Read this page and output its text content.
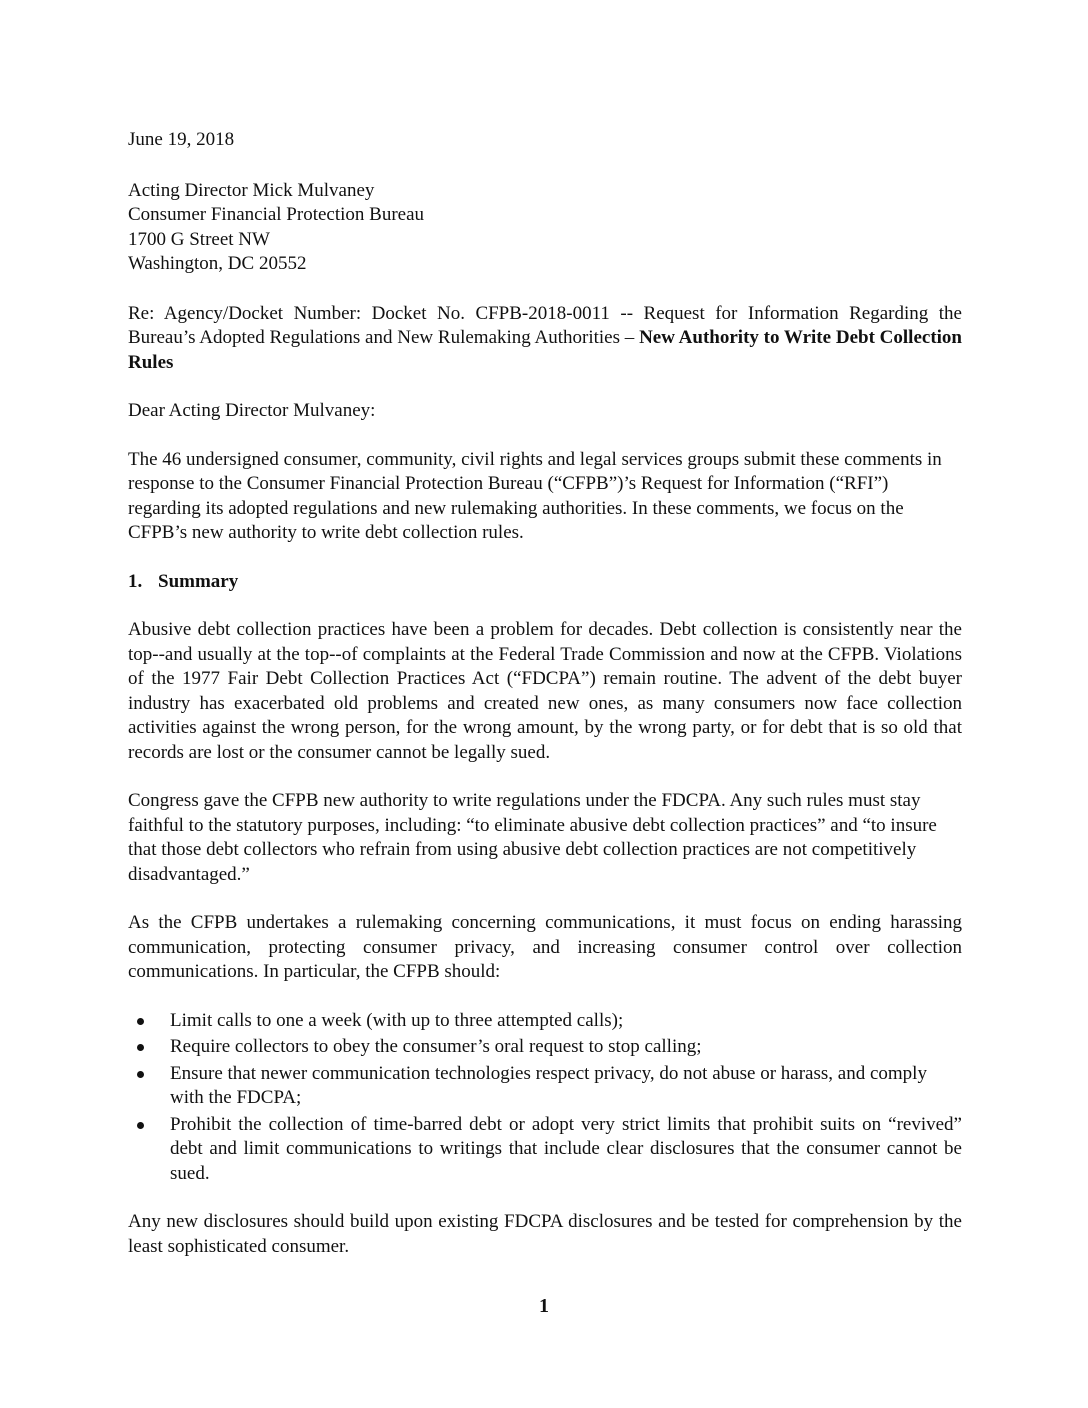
June 19, 2018

Acting Director Mick Mulvaney

Consumer Financial Protection Bureau

1700 G Street NW

Washington, DC 20552

Re: Agency/Docket Number: Docket No. CFPB-2018-0011 -- Request for Information Regarding the Bureau’s Adopted Regulations and New Rulemaking Authorities – New Authority to Write Debt Collection Rules

Dear Acting Director Mulvaney:

The 46 undersigned consumer, community, civil rights and legal services groups submit these comments in response to the Consumer Financial Protection Bureau (“CFPB”)’s Request for Information (“RFI”) regarding its adopted regulations and new rulemaking authorities. In these comments, we focus on the CFPB’s new authority to write debt collection rules.

1. Summary

Abusive debt collection practices have been a problem for decades. Debt collection is consistently near the top--and usually at the top--of complaints at the Federal Trade Commission and now at the CFPB. Violations of the 1977 Fair Debt Collection Practices Act (“FDCPA”) remain routine. The advent of the debt buyer industry has exacerbated old problems and created new ones, as many consumers now face collection activities against the wrong person, for the wrong amount, by the wrong party, or for debt that is so old that records are lost or the consumer cannot be legally sued.

Congress gave the CFPB new authority to write regulations under the FDCPA. Any such rules must stay faithful to the statutory purposes, including: “to eliminate abusive debt collection practices” and “to insure that those debt collectors who refrain from using abusive debt collection practices are not competitively disadvantaged.”

As the CFPB undertakes a rulemaking concerning communications, it must focus on ending harassing communication, protecting consumer privacy, and increasing consumer control over collection communications. In particular, the CFPB should:

Limit calls to one a week (with up to three attempted calls);
Require collectors to obey the consumer’s oral request to stop calling;
Ensure that newer communication technologies respect privacy, do not abuse or harass, and comply with the FDCPA;
Prohibit the collection of time-barred debt or adopt very strict limits that prohibit suits on “revived” debt and limit communications to writings that include clear disclosures that the consumer cannot be sued.

Any new disclosures should build upon existing FDCPA disclosures and be tested for comprehension by the least sophisticated consumer.

1
